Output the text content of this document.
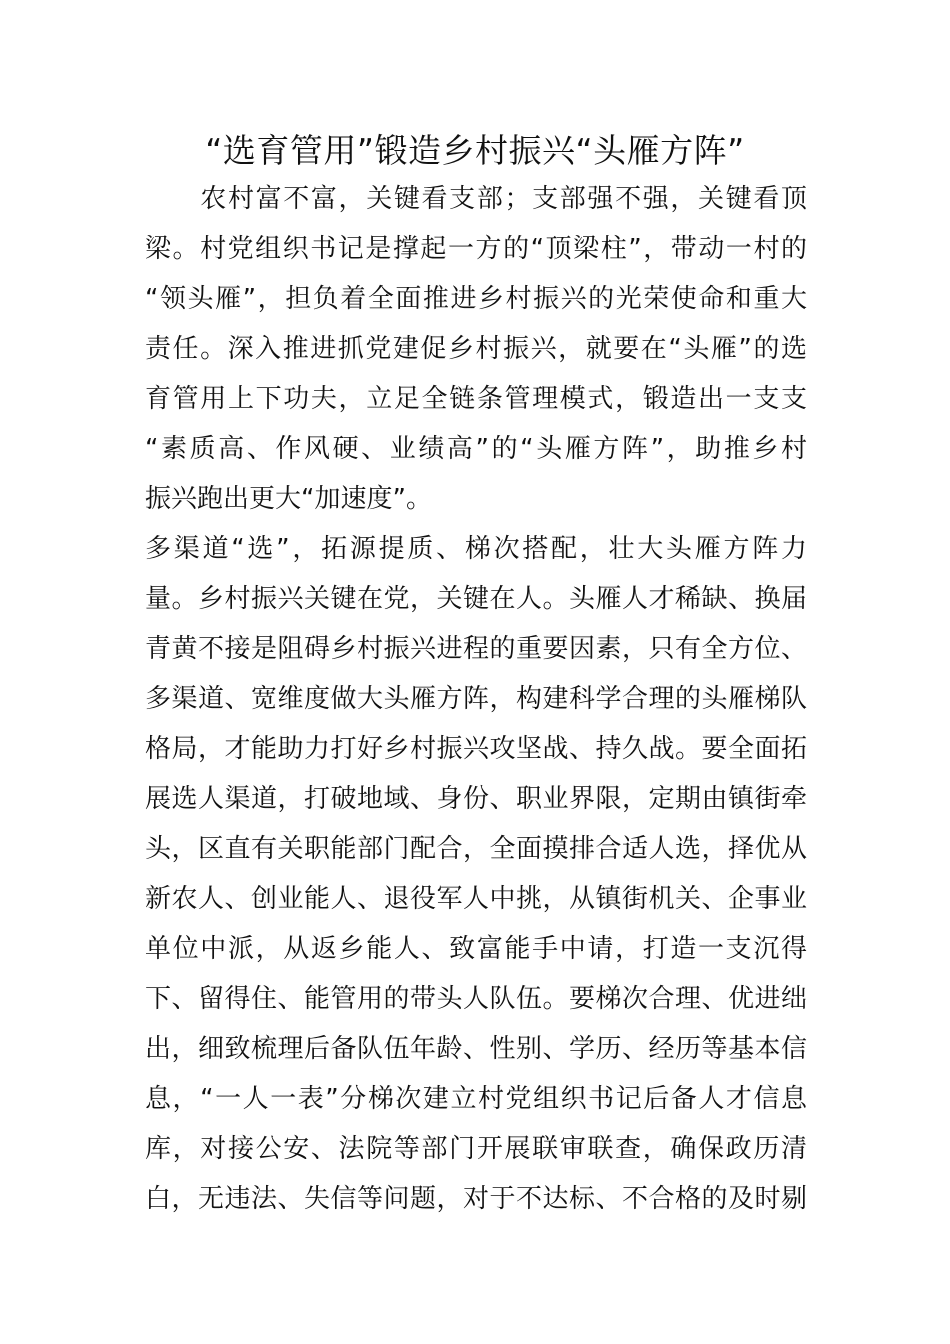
“选育管用”锻造乡村振兴“头雁方阵”
　　农村富不富，关键看支部；支部强不强，关键看顶
梁。村党组织书记是撑起一方的“顶梁柱”，带动一村的
“领头雁”，担负着全面推进乡村振兴的光荣使命和重大
责任。深入推进抓党建促乡村振兴，就要在“头雁”的选
育管用上下功夫，立足全链条管理模式，锻造出一支支
“素质高、作风硬、业绩高”的“头雁方阵”，助推乡村
振兴跑出更大“加速度”。
多渠道“选”，拓源提质、梯次搭配，壮大头雁方阵力
量。乡村振兴关键在党，关键在人。头雁人才稀缺、换届
青黄不接是阻碍乡村振兴进程的重要因素，只有全方位、
多渠道、宽维度做大头雁方阵，构建科学合理的头雁梯队
格局，才能助力打好乡村振兴攻坚战、持久战。要全面拓
展选人渠道，打破地域、身份、职业界限，定期由镇街牵
头，区直有关职能部门配合，全面摸排合适人选，择优从
新农人、创业能人、退役军人中挑，从镇街机关、企事业
单位中派，从返乡能人、致富能手中请，打造一支沉得
下、留得住、能管用的带头人队伍。要梯次合理、优进绌
出，细致梳理后备队伍年龄、性别、学历、经历等基本信
息，“一人一表”分梯次建立村党组织书记后备人才信息
库，对接公安、法院等部门开展联审联查，确保政历清
白，无违法、失信等问题，对于不达标、不合格的及时剔
